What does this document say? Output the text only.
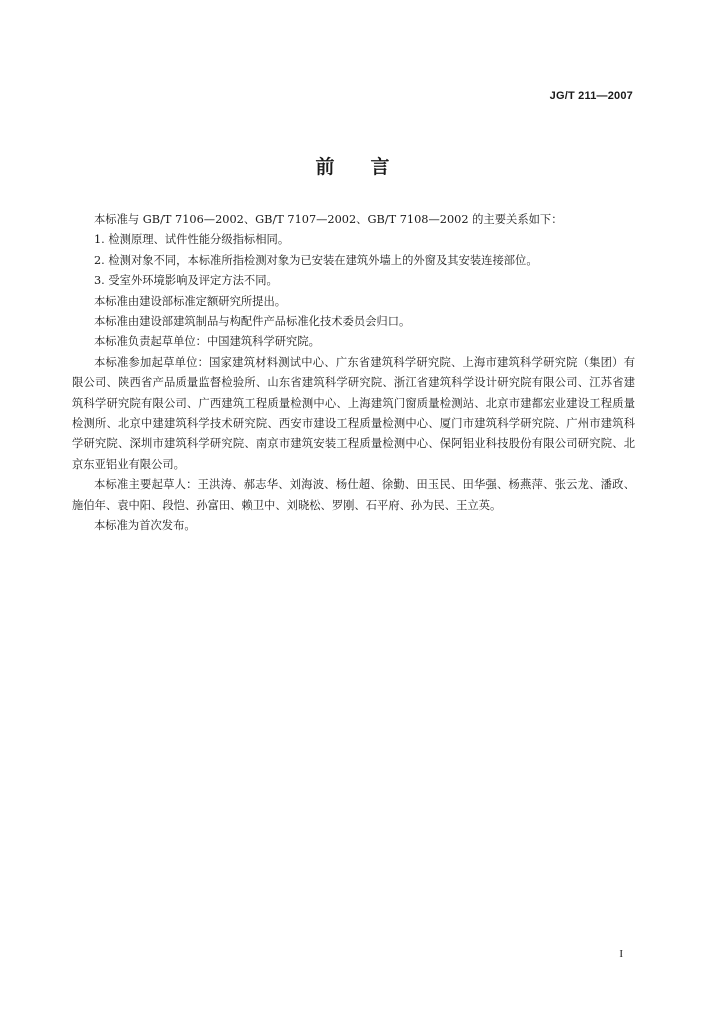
JG/T 211—2007
前 言

本标准与 GB/T 7106—2002、GB/T 7107—2002、GB/T 7108—2002 的主要关系如下：

1. 检测原理、试件性能分级指标相同。

2. 检测对象不同，本标准所指检测对象为已安装在建筑外墙上的外窗及其安装连接部位。

3. 受室外环境影响及评定方法不同。

本标准由建设部标准定额研究所提出。

本标准由建设部建筑制品与构配件产品标准化技术委员会归口。

本标准负责起草单位：中国建筑科学研究院。

本标准参加起草单位：国家建筑材料测试中心、广东省建筑科学研究院、上海市建筑科学研究院（集团）有限公司、陕西省产品质量监督检验所、山东省建筑科学研究院、浙江省建筑科学设计研究院有限公司、江苏省建筑科学研究院有限公司、广西建筑工程质量检测中心、上海建筑门窗质量检测站、北京市建都宏业建设工程质量检测所、北京中建建筑科学技术研究院、西安市建设工程质量检测中心、厦门市建筑科学研究院、广州市建筑科学研究院、深圳市建筑科学研究院、南京市建筑安装工程质量检测中心、保阿铝业科技股份有限公司研究院、北京东亚铝业有限公司。

本标准主要起草人：王洪涛、郝志华、刘海波、杨仕超、徐勤、田玉民、田华强、杨燕萍、张云龙、潘政、施伯年、袁中阳、段恺、孙富田、赖卫中、刘晓松、罗刚、石平府、孙为民、王立英。

本标准为首次发布。

I
